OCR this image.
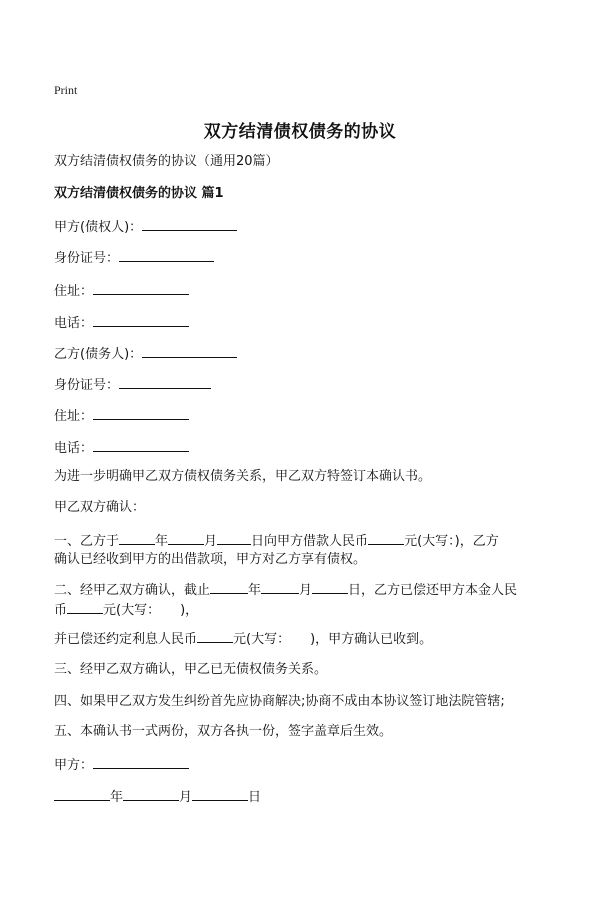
Print
双方结清债权债务的协议
双方结清债权债务的协议（通用20篇）
双方结清债权债务的协议 篇1
甲方(债权人)：
身份证号：
住址：
电话：
乙方(债务人)：
身份证号：
住址：
电话：
为进一步明确甲乙双方债权债务关系，甲乙双方特签订本确认书。
甲乙双方确认：
一、乙方于	年	月	日向甲方借款人民币	元(大写：)，乙方
确认已经收到甲方的出借款项，甲方对乙方享有债权。
二、经甲乙双方确认，截止	年	月	日，乙方已偿还甲方本金人民
币	元(大写： )，
并已偿还约定利息人民币	元(大写： )，甲方确认已收到。
三、经甲乙双方确认，甲乙已无债权债务关系。
四、如果甲乙双方发生纠纷首先应协商解决;协商不成由本协议签订地法院管辖;
五、本确认书一式两份，双方各执一份，签字盖章后生效。
甲方：
年	月	日
